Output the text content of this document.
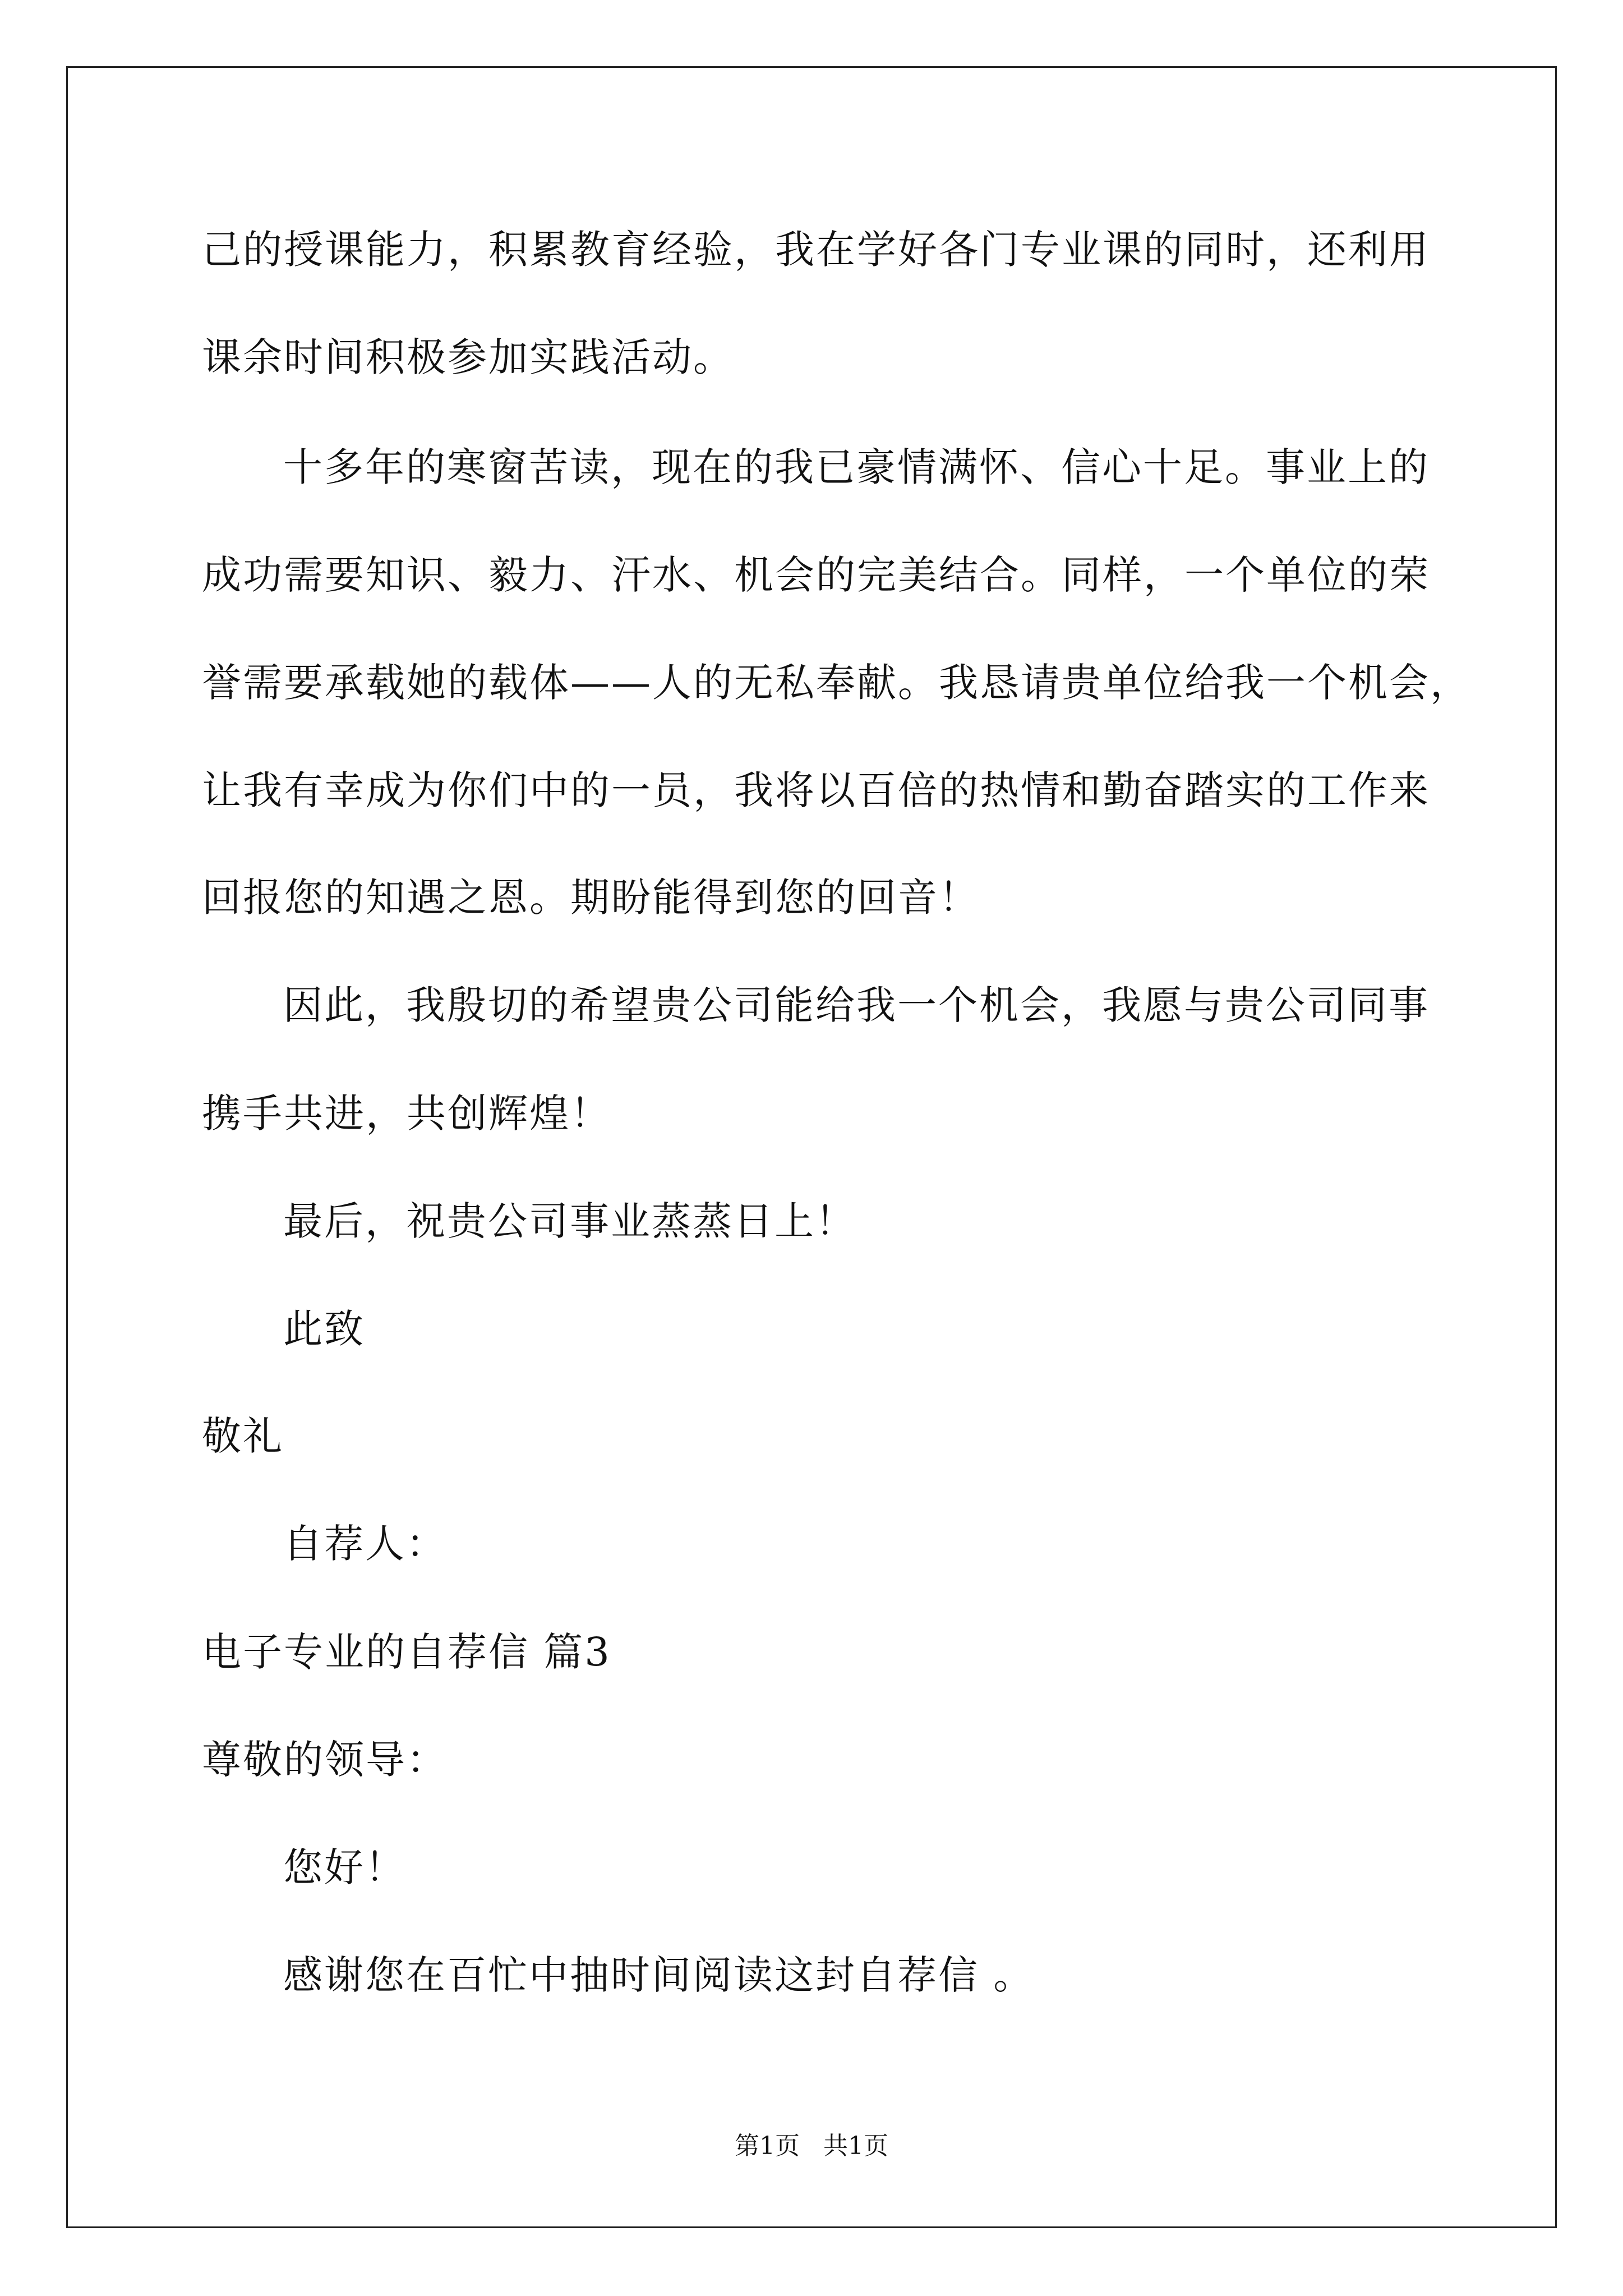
己的授课能力，积累教育经验，我在学好各门专业课的同时，还利用
课余时间积极参加实践活动。
十多年的寒窗苦读，现在的我已豪情满怀、信心十足。事业上的
成功需要知识、毅力、汗水、机会的完美结合。同样，一个单位的荣
誉需要承载她的载体——人的无私奉献。我恳请贵单位给我一个机会，
让我有幸成为你们中的一员，我将以百倍的热情和勤奋踏实的工作来
回报您的知遇之恩。期盼能得到您的回音！
因此，我殷切的希望贵公司能给我一个机会，我愿与贵公司同事
携手共进，共创辉煌！
最后，祝贵公司事业蒸蒸日上！
此致
敬礼
自荐人：
电子专业的自荐信 篇3
尊敬的领导：
您好！
感谢您在百忙中抽时间阅读这封自荐信 。
第1页   共1页
